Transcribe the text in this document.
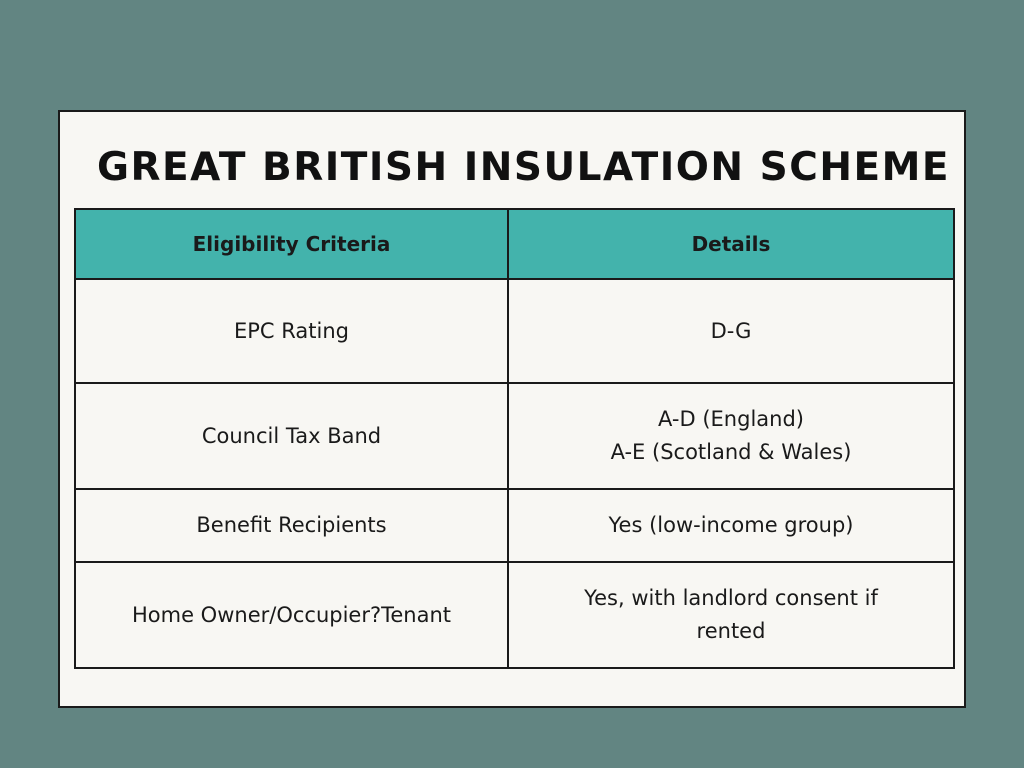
GREAT BRITISH INSULATION SCHEME
Eligibility Criteria	Details
EPC Rating	D-G

Council Tax Band	A-D (England)
A-E (Scotland & Wales)

Benefit Recipients	Yes (low-income group)

Home Owner/Occupier?Tenant	Yes, with landlord consent if
rented
